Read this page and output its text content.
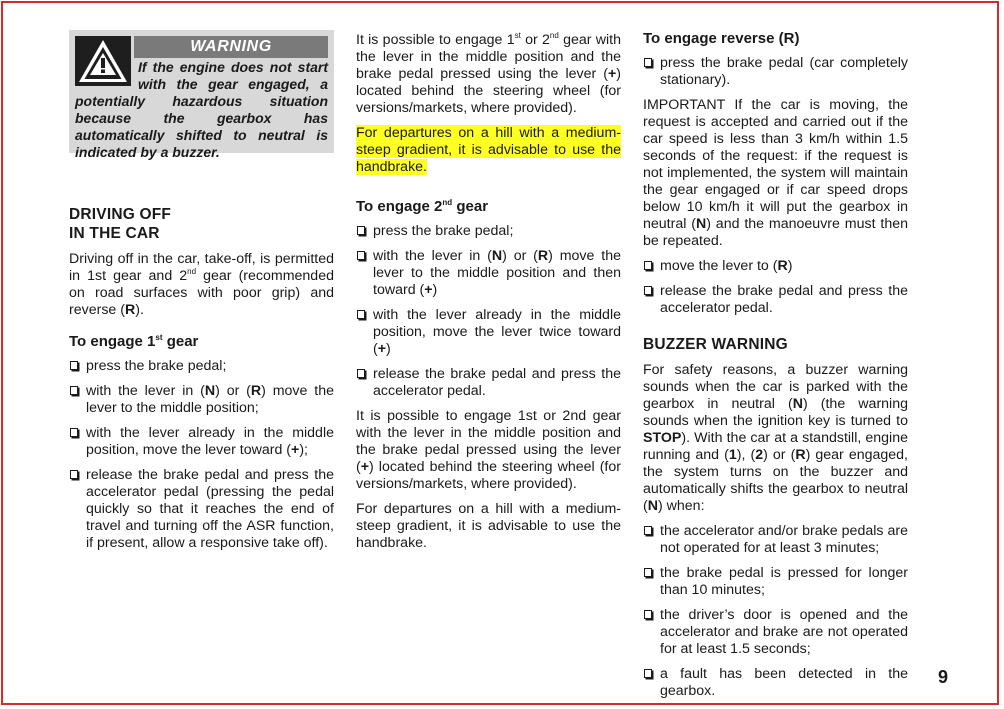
WARNING
If the engine does not start with the gear engaged, a potentially hazardous situation because the gearbox has automatically shifted to neutral is indicated by a buzzer.
DRIVING OFF
IN THE CAR

Driving off in the car, take-off, is permitted in 1st gear and 2nd gear (recommended on road surfaces with poor grip) and reverse (R).

To engage 1st gear
press the brake pedal;
with the lever in (N) or (R) move the lever to the middle position;
with the lever already in the middle position, move the lever toward (+);
release the brake pedal and press the accelerator pedal (pressing the pedal quickly so that it reaches the end of travel and turning off the ASR function, if present, allow a responsive take off).

It is possible to engage 1st or 2nd gear with the lever in the middle position and the brake pedal pressed using the lever (+) located behind the steering wheel (for versions/markets, where provided).

For departures on a hill with a medium-steep gradient, it is advisable to use the handbrake.

To engage 2nd gear
press the brake pedal;
with the lever in (N) or (R) move the lever to the middle position and then toward (+)
with the lever already in the middle position, move the lever twice toward (+)
release the brake pedal and press the accelerator pedal.

It is possible to engage 1st or 2nd gear with the lever in the middle position and the brake pedal pressed using the lever (+) located behind the steering wheel (for versions/markets, where provided).

For departures on a hill with a medium-steep gradient, it is advisable to use the handbrake.

To engage reverse (R)
press the brake pedal (car completely stationary).

IMPORTANT If the car is moving, the request is accepted and carried out if the car speed is less than 3 km/h within 1.5 seconds of the request: if the request is not implemented, the system will maintain the gear engaged or if car speed drops below 10 km/h it will put the gearbox in neutral (N) and the manoeuvre must then be repeated.

move the lever to (R)
release the brake pedal and press the accelerator pedal.
BUZZER WARNING

For safety reasons, a buzzer warning sounds when the car is parked with the gearbox in neutral (N) (the warning sounds when the ignition key is turned to STOP). With the car at a standstill, engine running and (1), (2) or (R) gear engaged, the system turns on the buzzer and automatically shifts the gearbox to neutral (N) when:

the accelerator and/or brake pedals are not operated for at least 3 minutes;
the brake pedal is pressed for longer than 10 minutes;
the driver’s door is opened and the accelerator and brake are not operated for at least 1.5 seconds;
a fault has been detected in the gearbox.
9
